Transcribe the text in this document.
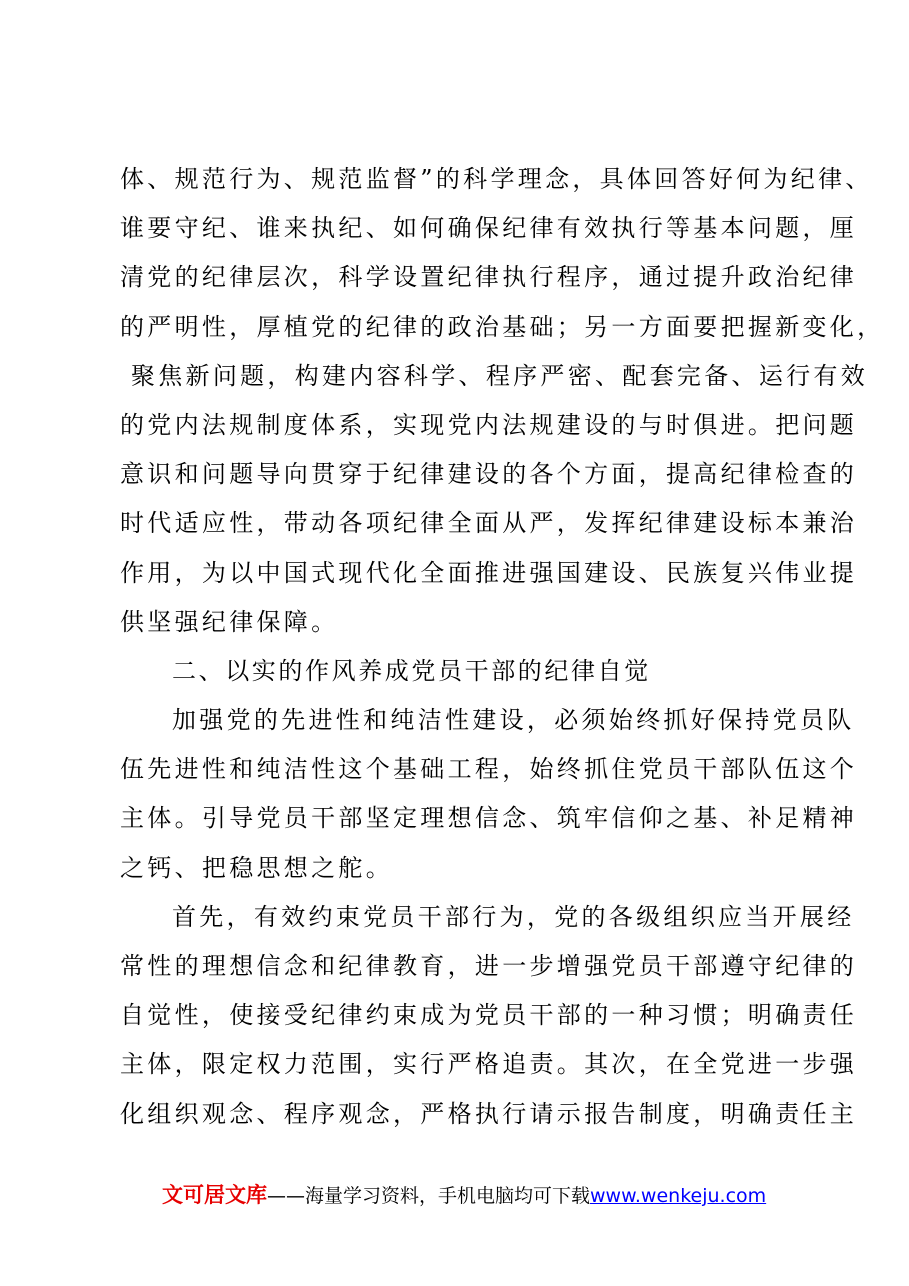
体、规范行为、规范监督”的科学理念，具体回答好何为纪律、
谁要守纪、谁来执纪、如何确保纪律有效执行等基本问题，厘
清党的纪律层次，科学设置纪律执行程序，通过提升政治纪律
的严明性，厚植党的纪律的政治基础；另一方面要把握新变化，
聚焦新问题，构建内容科学、程序严密、配套完备、运行有效
的党内法规制度体系，实现党内法规建设的与时俱进。把问题
意识和问题导向贯穿于纪律建设的各个方面，提高纪律检查的
时代适应性，带动各项纪律全面从严，发挥纪律建设标本兼治
作用，为以中国式现代化全面推进强国建设、民族复兴伟业提
供坚强纪律保障。
二、以实的作风养成党员干部的纪律自觉
加强党的先进性和纯洁性建设，必须始终抓好保持党员队
伍先进性和纯洁性这个基础工程，始终抓住党员干部队伍这个
主体。引导党员干部坚定理想信念、筑牢信仰之基、补足精神
之钙、把稳思想之舵。
首先，有效约束党员干部行为，党的各级组织应当开展经
常性的理想信念和纪律教育，进一步增强党员干部遵守纪律的
自觉性，使接受纪律约束成为党员干部的一种习惯；明确责任
主体，限定权力范围，实行严格追责。其次，在全党进一步强
化组织观念、程序观念，严格执行请示报告制度，明确责任主
文可居文库——海量学习资料，手机电脑均可下载www.wenkeju.com
